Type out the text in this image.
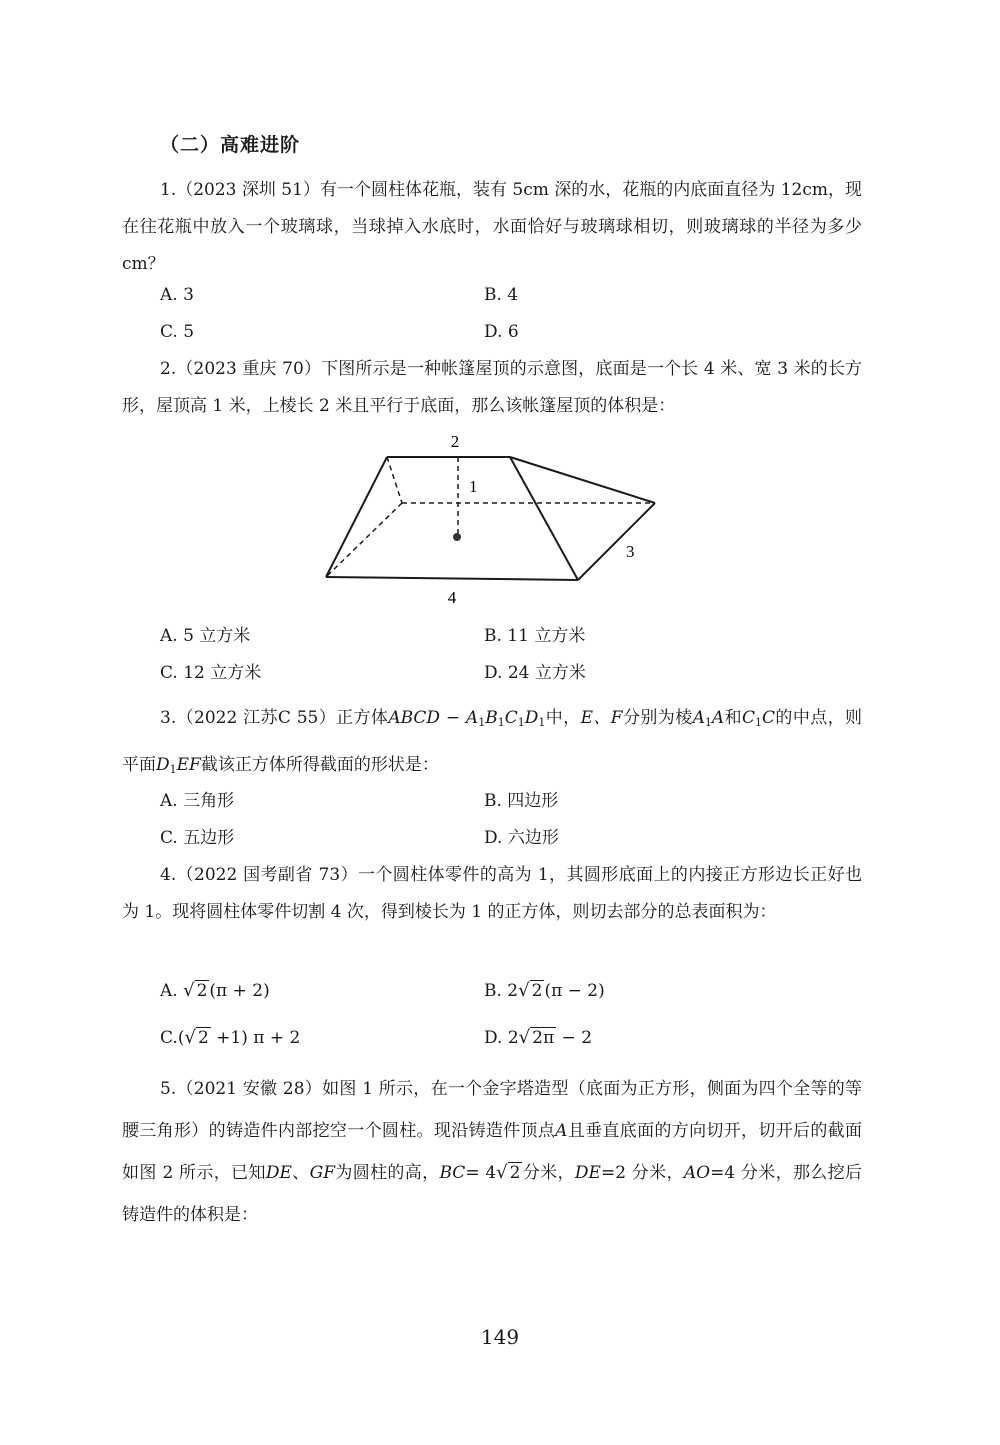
（二）高难进阶
1.（2023 深圳 51）有一个圆柱体花瓶，装有 5cm 深的水，花瓶的内底面直径为 12cm，现在往花瓶中放入一个玻璃球，当球掉入水底时，水面恰好与玻璃球相切，则玻璃球的半径为多少 cm？
A. 3	B. 4
C. 5	D. 6
2.（2023 重庆 70）下图所示是一种帐篷屋顶的示意图，底面是一个长 4 米、宽 3 米的长方形，屋顶高 1 米，上棱长 2 米且平行于底面，那么该帐篷屋顶的体积是：
2
1
3
4
A. 5 立方米	B. 11 立方米
C. 12 立方米	D. 24 立方米
3.（2022 江苏C 55）正方体ABCD − $A_1B_1C_1D_1$中，E、F分别为棱$A_1A$和$C_1C$的中点，则平面$D_1EF$截该正方体所得截面的形状是：
A. 三角形	B. 四边形
C. 五边形	D. 六边形
4.（2022 国考副省 73）一个圆柱体零件的高为 1，其圆形底面上的内接正方形边长正好也为 1。现将圆柱体零件切割 4 次，得到棱长为 1 的正方体，则切去部分的总表面积为：
A. √ 2 (π + 2)	B. 2√ 2 (π − 2)
C.(√ 2 +1) π + 2	D. 2√ 2π − 2
5.（2021 安徽 28）如图 1 所示，在一个金字塔造型（底面为正方形，侧面为四个全等的等腰三角形）的铸造件内部挖空一个圆柱。现沿铸造件顶点A且垂直底面的方向切开，切开后的截面如图 2 所示，已知DE、GF为圆柱的高，BC= 4√ 2 分米，DE=2 分米，AO=4 分米，那么挖后铸造件的体积是：
149
